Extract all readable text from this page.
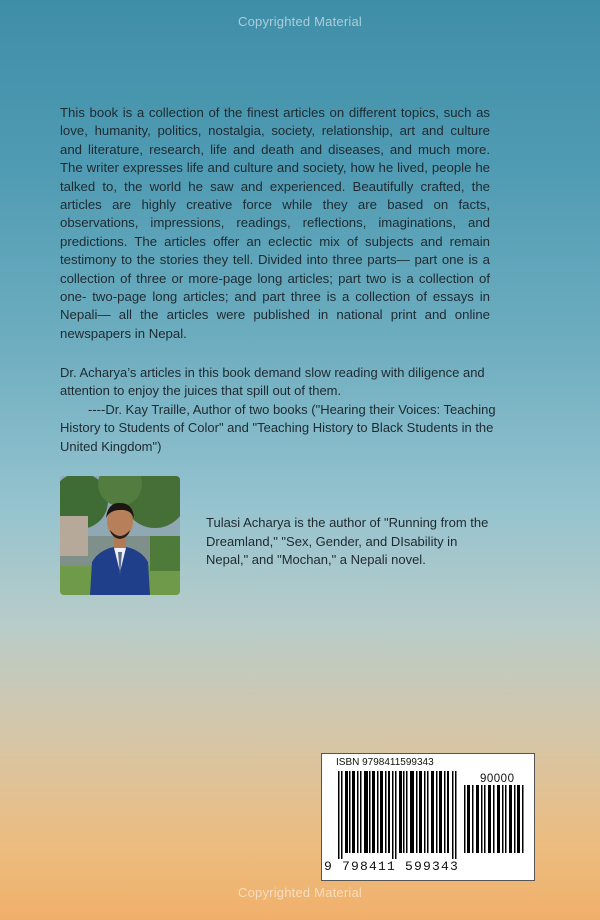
Copyrighted Material

This book is a collection of the finest articles on different topics, such as love, humanity, politics, nostalgia, society, relationship, art and culture and literature, research, life and death and diseases, and much more. The writer expresses life and culture and society, how he lived, people he talked to, the world he saw and experienced. Beautifully crafted, the articles are highly creative force while they are based on facts, observations, impressions, readings, reflections, imaginations, and predictions. The articles offer an eclectic mix of subjects and remain testimony to the stories they tell. Divided into three parts— part one is a collection of three or more-page long articles; part two is a collection of one- two-page long articles; and part three is a collection of essays in Nepali— all the articles were published in national print and online newspapers in Nepal.

Dr. Acharya’s articles in this book demand slow reading with diligence and attention to enjoy the juices that spill out of them.

----Dr. Kay Traille, Author of two books ("Hearing their Voices: Teaching History to Students of Color" and "Teaching History to Black Students in the United Kingdom")

Tulasi Acharya is the author of "Running from the Dreamland," "Sex, Gender, and DIsability in Nepal," and "Mochan," a Nepali novel.

ISBN 9798411599343
90000
9 798411 599343
Copyrighted Material
